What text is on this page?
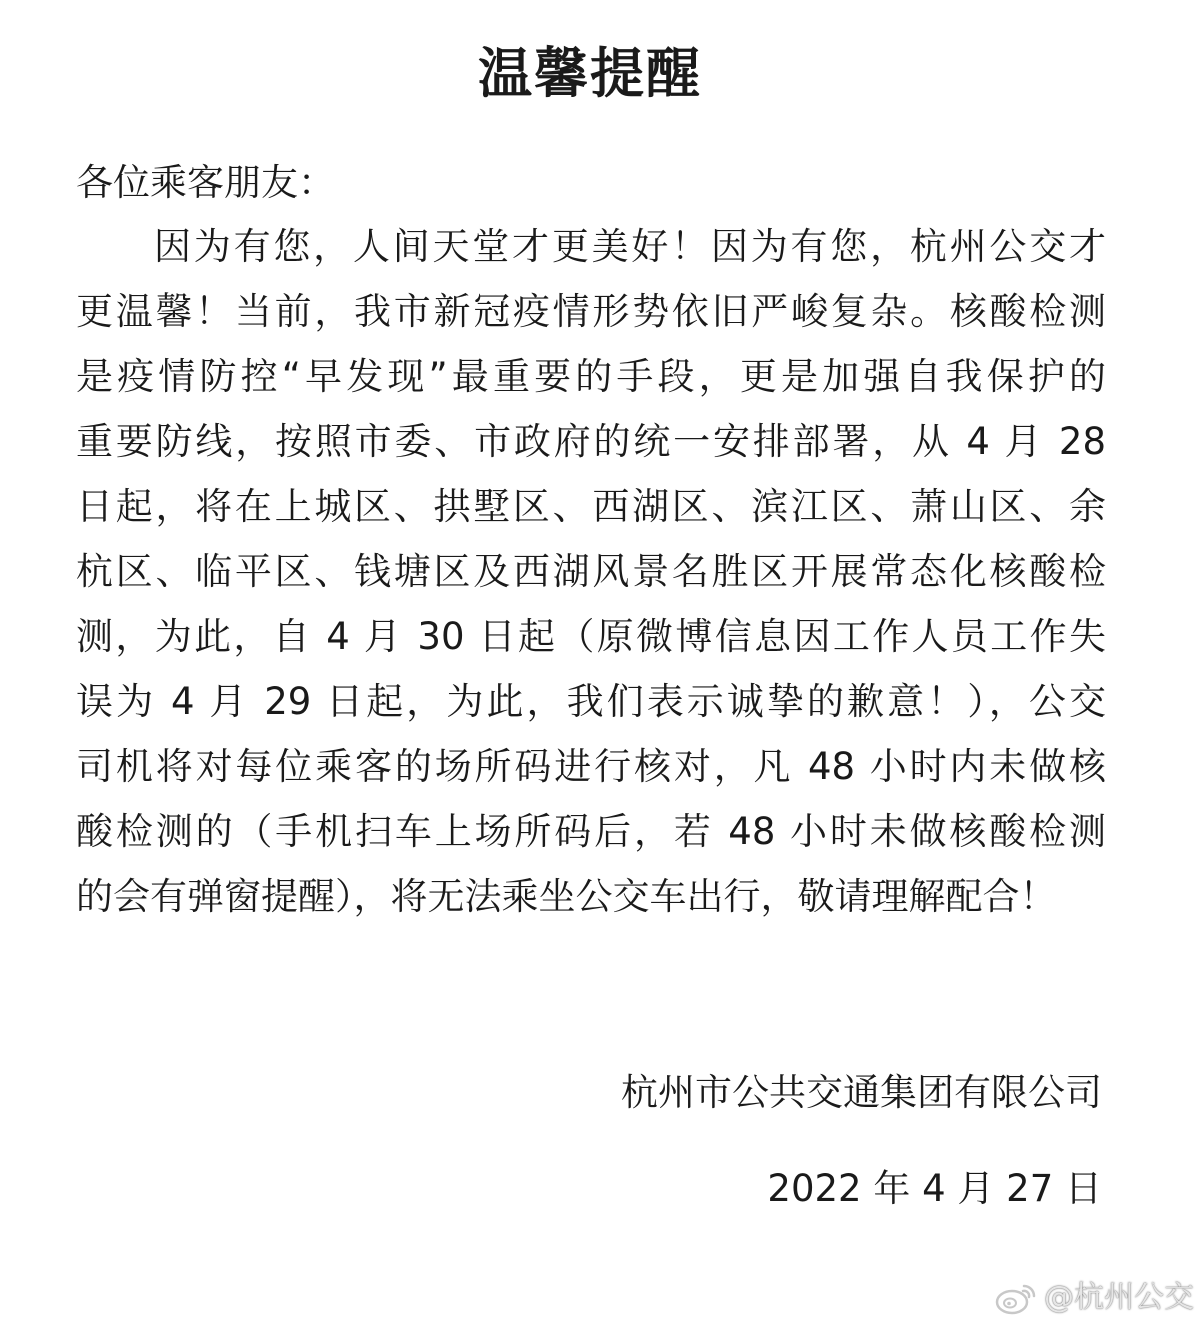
温馨提醒
各位乘客朋友：
因为有您，人间天堂才更美好！因为有您，杭州公交才
更温馨！当前，我市新冠疫情形势依旧严峻复杂。核酸检测
是疫情防控“早发现”最重要的手段，更是加强自我保护的
重要防线，按照市委、市政府的统一安排部署，从 4 月 28
日起，将在上城区、拱墅区、西湖区、滨江区、萧山区、余
杭区、临平区、钱塘区及西湖风景名胜区开展常态化核酸检
测，为此，自 4 月 30 日起（原微博信息因工作人员工作失
误为 4 月 29 日起，为此，我们表示诚挚的歉意！），公交
司机将对每位乘客的场所码进行核对，凡 48 小时内未做核
酸检测的（手机扫车上场所码后，若 48 小时未做核酸检测
的会有弹窗提醒），将无法乘坐公交车出行，敬请理解配合！
杭州市公共交通集团有限公司
2022 年 4 月 27 日
@杭州公交
